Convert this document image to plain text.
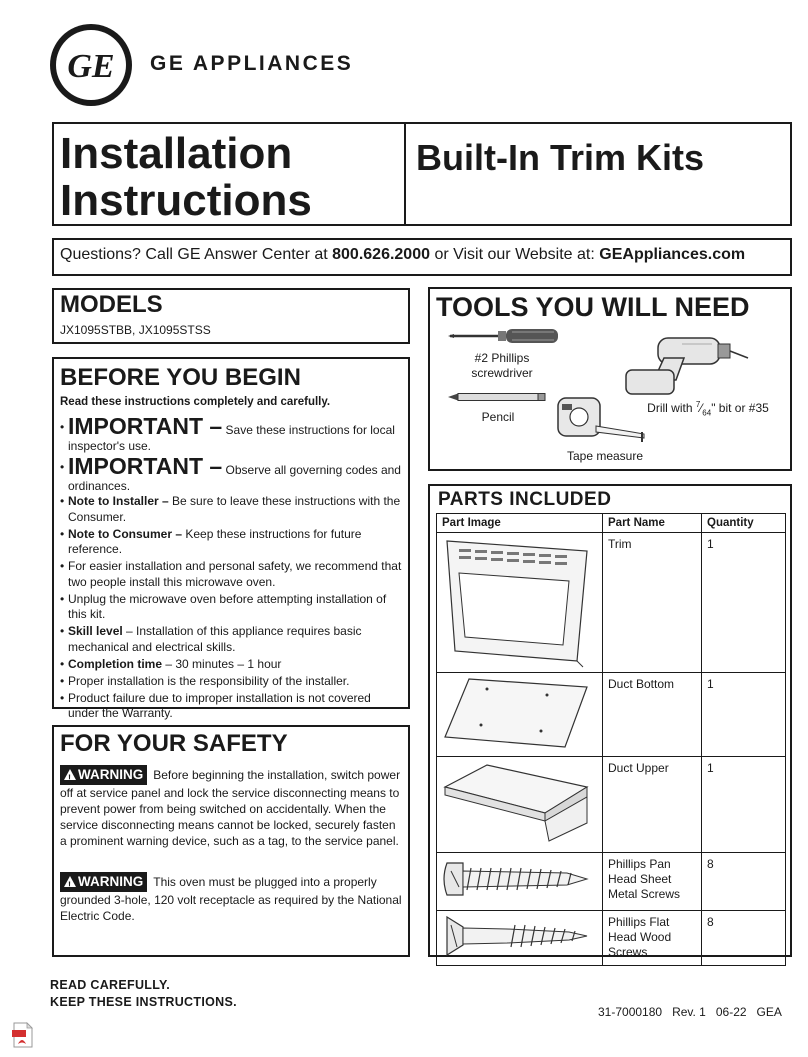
GE GE APPLIANCES
Installation
Instructions
Built-In Trim Kits
Questions? Call GE Answer Center at 800.626.2000 or Visit our Website at: GEAppliances.com
MODELS
JX1095STBB, JX1095STSS
BEFORE YOU BEGIN
Read these instructions completely and carefully.
• IMPORTANT – Save these instructions for local inspector's use.
• IMPORTANT – Observe all governing codes and ordinances.
• Note to Installer – Be sure to leave these instructions with the Consumer.
• Note to Consumer – Keep these instructions for future reference.
• For easier installation and personal safety, we recommend that two people install this microwave oven.
• Unplug the microwave oven before attempting installation of this kit.
• Skill level – Installation of this appliance requires basic mechanical and electrical skills.
• Completion time – 30 minutes – 1 hour
• Proper installation is the responsibility of the installer.
• Product failure due to improper installation is not covered under the Warranty.
FOR YOUR SAFETY
!WARNING Before beginning the installation, switch power off at service panel and lock the service disconnecting means to prevent power from being switched on accidentally. When the service disconnecting means cannot be locked, securely fasten a prominent warning device, such as a tag, to the service panel.
!WARNING This oven must be plugged into a properly grounded 3-hole, 120 volt receptacle as required by the National Electric Code.
TOOLS YOU WILL NEED
#2 Phillips
screwdriver
Pencil
Tape measure
Drill with $^7⁄_{64}$" bit or #35
PARTS INCLUDED
Part Image	Part Name	Quantity
	Trim	1
	Duct Bottom	1
	Duct Upper	1
	Phillips Pan Head Sheet Metal Screws	8
	Phillips Flat Head Wood Screws	8
READ CAREFULLY.
KEEP THESE INSTRUCTIONS.
31-7000180   Rev. 1   06-22   GEA
